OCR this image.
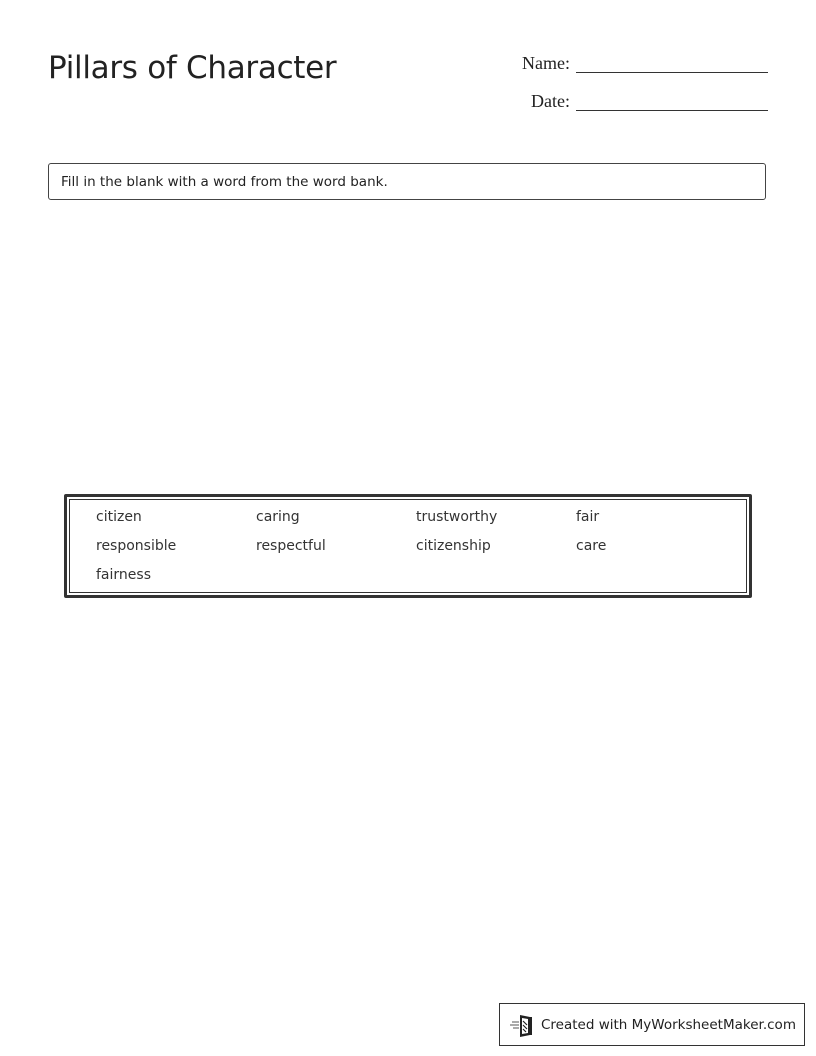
Pillars of Character	Name:
Date:
Fill in the blank with a word from the word bank.
citizen	caring	trustworthy	fair
responsible	respectful	citizenship	care
fairness
Created with MyWorksheetMaker.com
